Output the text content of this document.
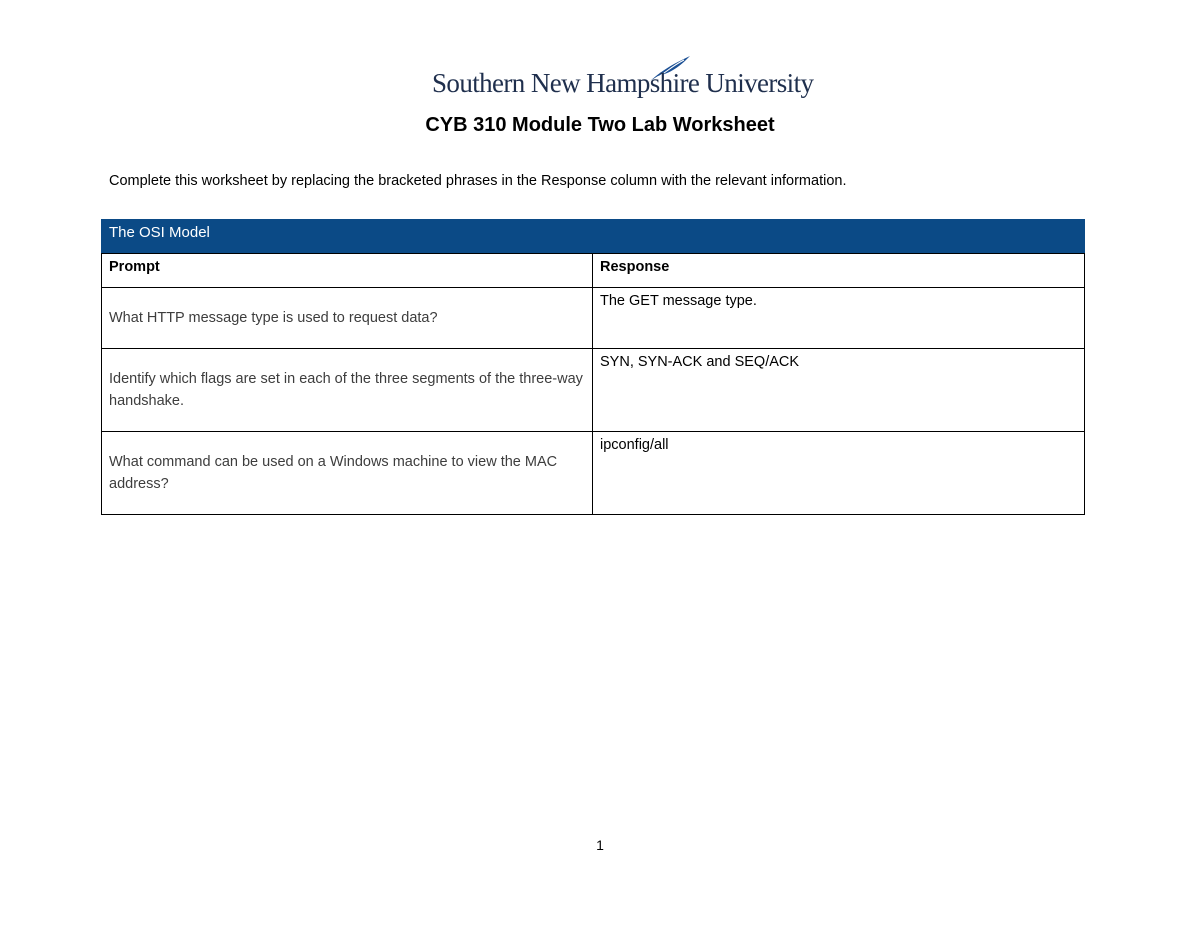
Southern New Hampshire University
CYB 310 Module Two Lab Worksheet
Complete this worksheet by replacing the bracketed phrases in the Response column with the relevant information.
The OSI Model	
Prompt	Response
What HTTP message type is used to request data?	The GET message type.
Identify which flags are set in each of the three segments of the three-way handshake.	SYN, SYN-ACK and SEQ/ACK
What command can be used on a Windows machine to view the MAC address?	ipconfig/all
1
